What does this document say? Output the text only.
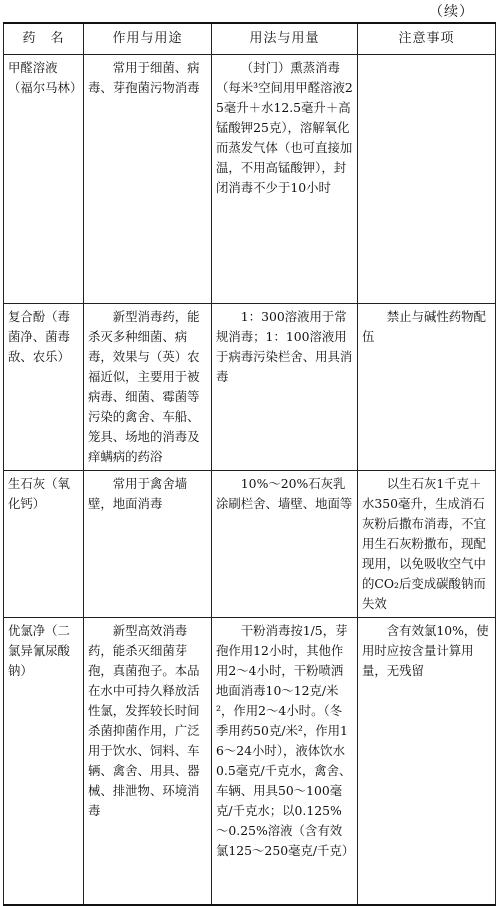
（续）
药　名	作用与用途	用法与用量	注意事项
甲醛溶液（福尔马林）	常用于细菌、病毒、芽孢菌污物消毒	（封门）熏蒸消毒（每米³空间用甲醛溶液25毫升＋水12.5毫升＋高锰酸钾25克），溶解氧化而蒸发气体（也可直接加温，不用高锰酸钾），封闭消毒不少于10小时	
复合酚（毒菌净、菌毒敌、农乐）	新型消毒药，能杀灭多种细菌、病毒，效果与（英）农福近似，主要用于被病毒、细菌、霉菌等污染的禽舍、车船、笼具、场地的消毒及痒螨病的药浴	1：300溶液用于常规消毒；1：100溶液用于病毒污染栏舍、用具消毒	禁止与碱性药物配伍
生石灰（氧化钙）	常用于禽舍墙壁，地面消毒	10%～20%石灰乳涂刷栏舍、墙壁、地面等	以生石灰1千克＋水350毫升，生成消石灰粉后撒布消毒，不宜用生石灰粉撒布，现配现用，以免吸收空气中的CO₂后变成碳酸钠而失效
优氯净（二氯异氰尿酸钠）	新型高效消毒药，能杀灭细菌芽孢，真菌孢子。本品在水中可持久释放活性氯，发挥较长时间杀菌抑菌作用，广泛用于饮水、饲料、车辆、禽舍、用具、器械、排泄物、环境消毒	干粉消毒按1/5，芽孢作用12小时，其他作用2～4小时，干粉喷洒地面消毒10～12克/米²，作用2～4小时。（冬季用药50克/米²，作用16～24小时），液体饮水0.5毫克/千克水，禽舍、车辆、用具50～100毫克/千克水；以0.125%～0.25%溶液（含有效氯125～250毫克/千克）	含有效氯10%，使用时应按含量计算用量，无残留
